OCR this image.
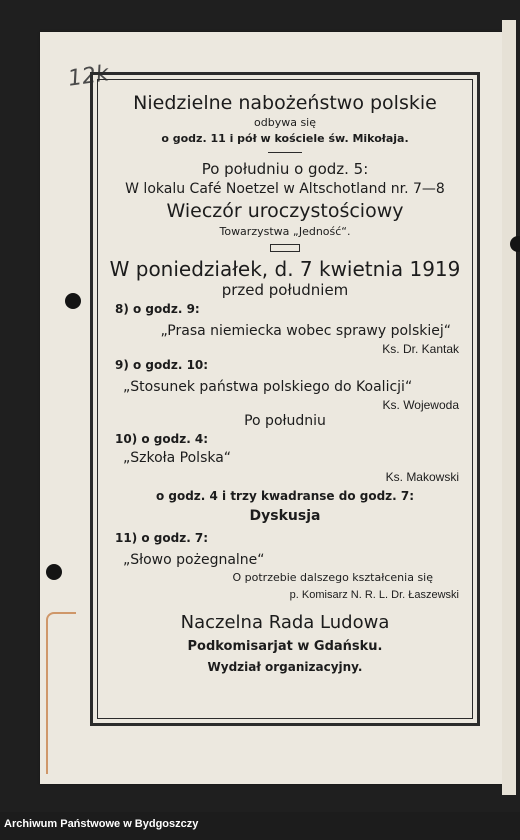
12k
Niedzielne nabożeństwo polskie
odbywa się
o godz. 11 i pół w kościele św. Mikołaja.
Po południu o godz. 5:
W lokalu Café Noetzel w Altschotland nr. 7—8
Wieczór uroczystościowy
Towarzystwa „Jedność“.
W poniedziałek, d. 7 kwietnia 1919
przed południem
8) o godz. 9:
„Prasa niemiecka wobec sprawy polskiej“
Ks. Dr. Kantak
9) o godz. 10:
„Stosunek państwa polskiego do Koalicji“
Ks. Wojewoda
Po południu
10) o godz. 4:
„Szkoła Polska“
Ks. Makowski
o godz. 4 i trzy kwadranse do godz. 7:
Dyskusja
11) o godz. 7:
„Słowo pożegnalne“
O potrzebie dalszego kształcenia się
p. Komisarz N. R. L. Dr. Łaszewski
Naczelna Rada Ludowa
Podkomisarjat w Gdańsku.
Wydział organizacyjny.
Archiwum Państwowe w Bydgoszczy
